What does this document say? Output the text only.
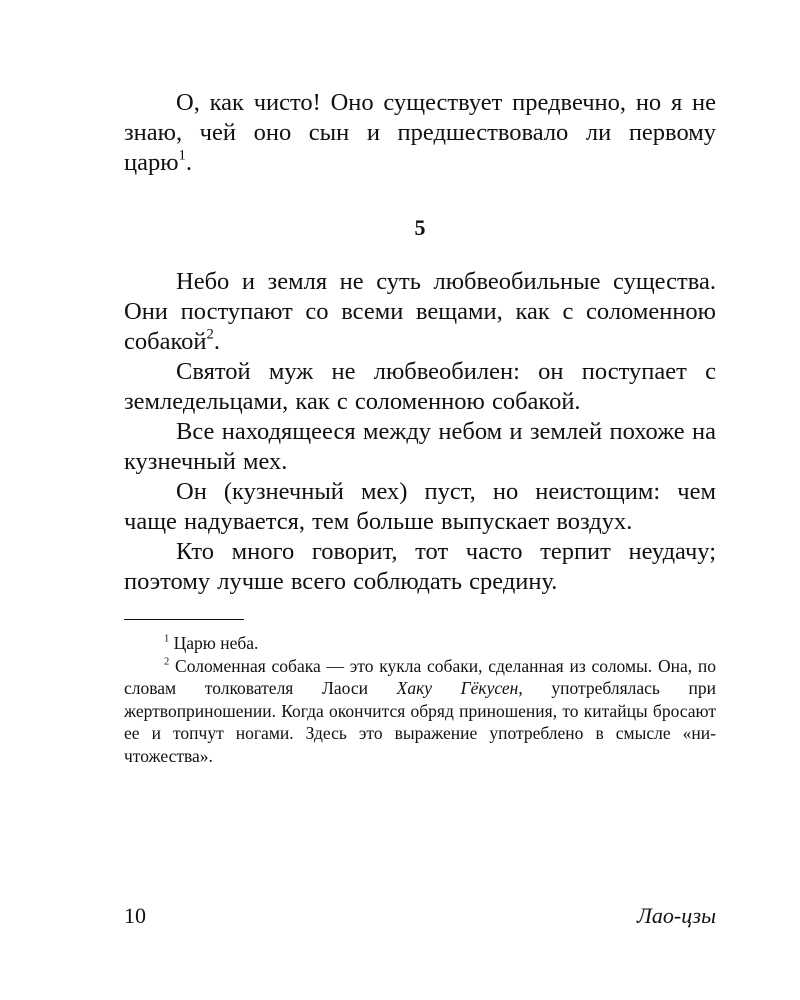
О, как чисто! Оно существует предвечно, но я не знаю, чей оно сын и предшествовало ли первому царю$^1$.

5

Небо и земля не суть любвеобильные существа. Они поступают со всеми вещами, как с соломенною собакой$^2$.

Святой муж не любвеобилен: он поступает с земледельцами, как с соломенною собакой.

Все находящееся между небом и землей похоже на кузнечный мех.

Он (кузнечный мех) пуст, но неистощим: чем чаще надувается, тем больше выпускает воздух.

Кто много говорит, тот часто терпит неудачу; поэтому лучше всего соблюдать средину.

$^1$ Царю неба.

$^2$ Соломенная собака — это кукла собаки, сделанная из соломы. Она, по словам толкователя Лаоси Хаку Гёкусен, употреблялась при жертвоприношении. Когда окончится обряд приношения, то китайцы бросают ее и топчут ногами. Здесь это выражение употреблено в смысле «ничтожества».

10	Лао-цзы
